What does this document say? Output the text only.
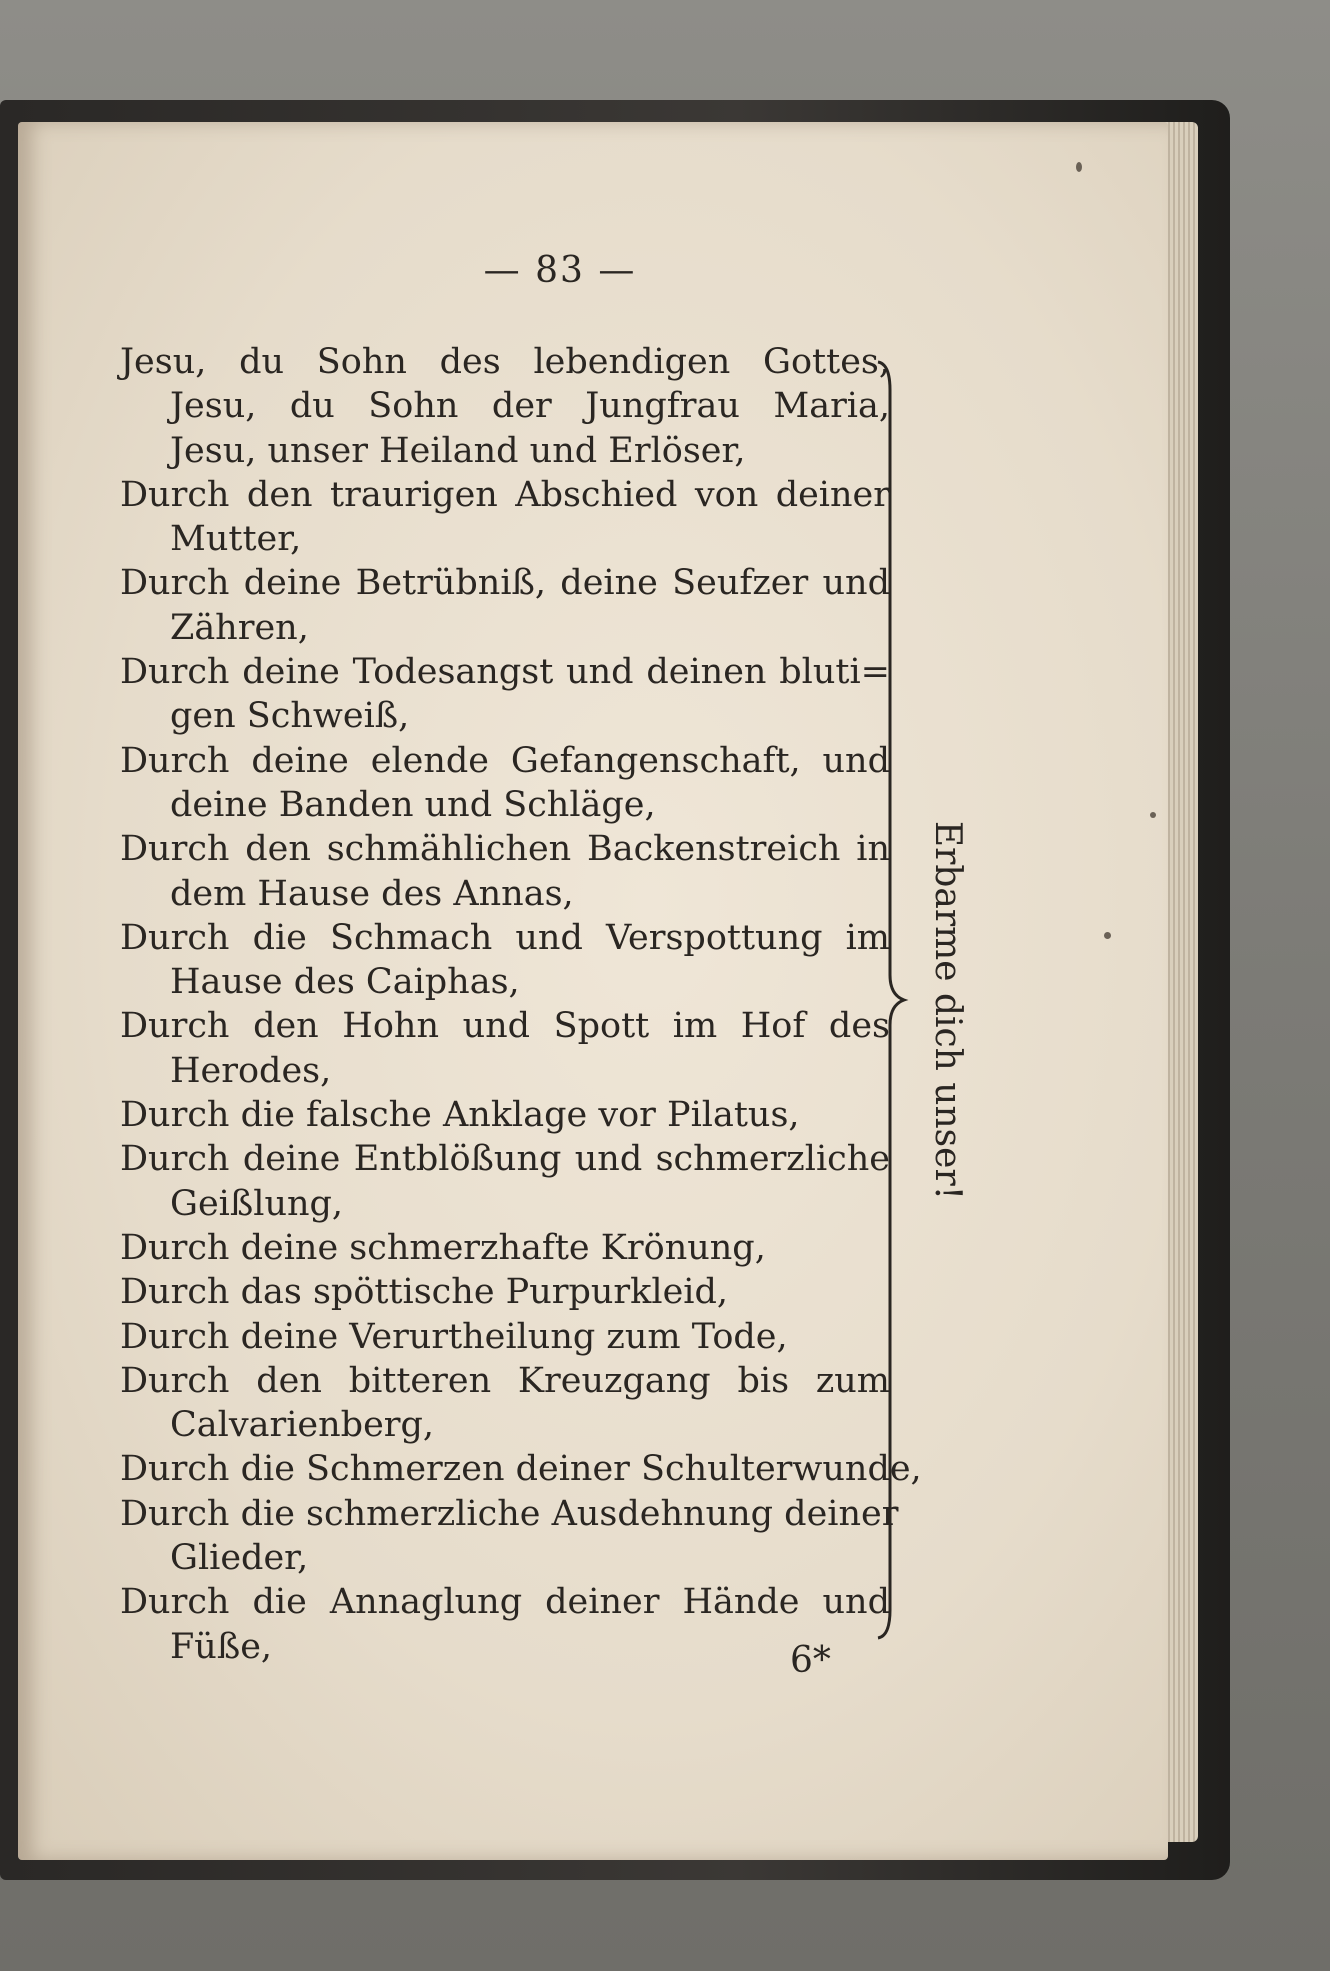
— 83 —
Jesu, du Sohn des lebendigen Gottes,
Jesu, du Sohn der Jungfrau Maria,
Jesu, unser Heiland und Erlöser,
Durch den traurigen Abschied von deiner
Mutter,
Durch deine Betrübniß, deine Seufzer und
Zähren,
Durch deine Todesangst und deinen bluti=
gen Schweiß,
Durch deine elende Gefangenschaft, und
deine Banden und Schläge,
Durch den schmählichen Backenstreich in
dem Hause des Annas,
Durch die Schmach und Verspottung im
Hause des Caiphas,
Durch den Hohn und Spott im Hof des
Herodes,
Durch die falsche Anklage vor Pilatus,
Durch deine Entblößung und schmerzliche
Geißlung,
Durch deine schmerzhafte Krönung,
Durch das spöttische Purpurkleid,
Durch deine Verurtheilung zum Tode,
Durch den bitteren Kreuzgang bis zum
Calvarienberg,
Durch die Schmerzen deiner Schulterwunde,
Durch die schmerzliche Ausdehnung deiner
Glieder,
Durch die Annaglung deiner Hände und
Füße,
Erbarme dich unser!
6*
